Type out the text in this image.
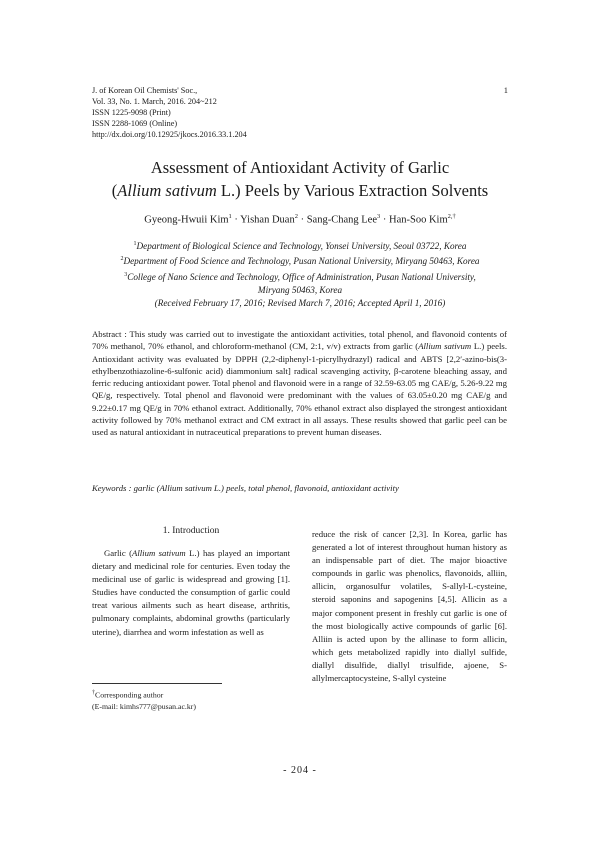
J. of Korean Oil Chemists' Soc.,
Vol. 33, No. 1. March, 2016. 204~212
ISSN 1225-9098 (Print)
ISSN 2288-1069 (Online)
http://dx.doi.org/10.12925/jkocs.2016.33.1.204
1
Assessment of Antioxidant Activity of Garlic
(Allium sativum L.) Peels by Various Extraction Solvents
Gyeong-Hwuii Kim$^1$ · Yishan Duan$^2$ · Sang-Chang Lee$^3$ · Han-Soo Kim$^{2,\dagger}$
$^1$Department of Biological Science and Technology, Yonsei University, Seoul 03722, Korea
$^2$Department of Food Science and Technology, Pusan National University, Miryang 50463, Korea
$^3$College of Nano Science and Technology, Office of Administration, Pusan National University,
Miryang 50463, Korea
(Received February 17, 2016; Revised March 7, 2016; Accepted April 1, 2016)
Abstract : This study was carried out to investigate the antioxidant activities, total phenol, and flavonoid contents of 70% methanol, 70% ethanol, and chloroform-methanol (CM, 2:1, v/v) extracts from garlic (Allium sativum L.) peels. Antioxidant activity was evaluated by DPPH (2,2-diphenyl-1-picrylhydrazyl) radical and ABTS [2,2′-azino-bis(3-ethylbenzothiazoline-6-sulfonic acid) diammonium salt] radical scavenging activity, β-carotene bleaching assay, and ferric reducing antioxidant power. Total phenol and flavonoid were in a range of 32.59-63.05 mg CAE/g, 5.26-9.22 mg QE/g, respectively. Total phenol and flavonoid were predominant with the values of 63.05±0.20 mg CAE/g and 9.22±0.17 mg QE/g in 70% ethanol extract. Additionally, 70% ethanol extract also displayed the strongest antioxidant activity followed by 70% methanol extract and CM extract in all assays. These results showed that garlic peel can be used as natural antioxidant in nutraceutical preparations to prevent human diseases.
Keywords : garlic (Allium sativum L.) peels, total phenol, flavonoid, antioxidant activity
1. Introduction
Garlic (Allium sativum L.) has played an important dietary and medicinal role for centuries. Even today the medicinal use of garlic is widespread and growing [1]. Studies have conducted the consumption of garlic could treat various ailments such as heart disease, arthritis, pulmonary complaints, abdominal growths (particularly uterine), diarrhea and worm infestation as well as
reduce the risk of cancer [2,3]. In Korea, garlic has generated a lot of interest throughout human history as an indispensable part of diet. The major bioactive compounds in garlic was phenolics, flavonoids, alliin, allicin, organosulfur volatiles, S-allyl-L-cysteine, steroid saponins and sapogenins [4,5]. Allicin as a major component present in freshly cut garlic is one of the most biologically active compounds of garlic [6]. Alliin is acted upon by the allinase to form allicin, which gets metabolized rapidly into diallyl sulfide, diallyl disulfide, diallyl trisulfide, ajoene, S-allylmercaptocysteine, S-allyl cysteine
†Corresponding author
(E-mail: kimhs777@pusan.ac.kr)
- 204 -
